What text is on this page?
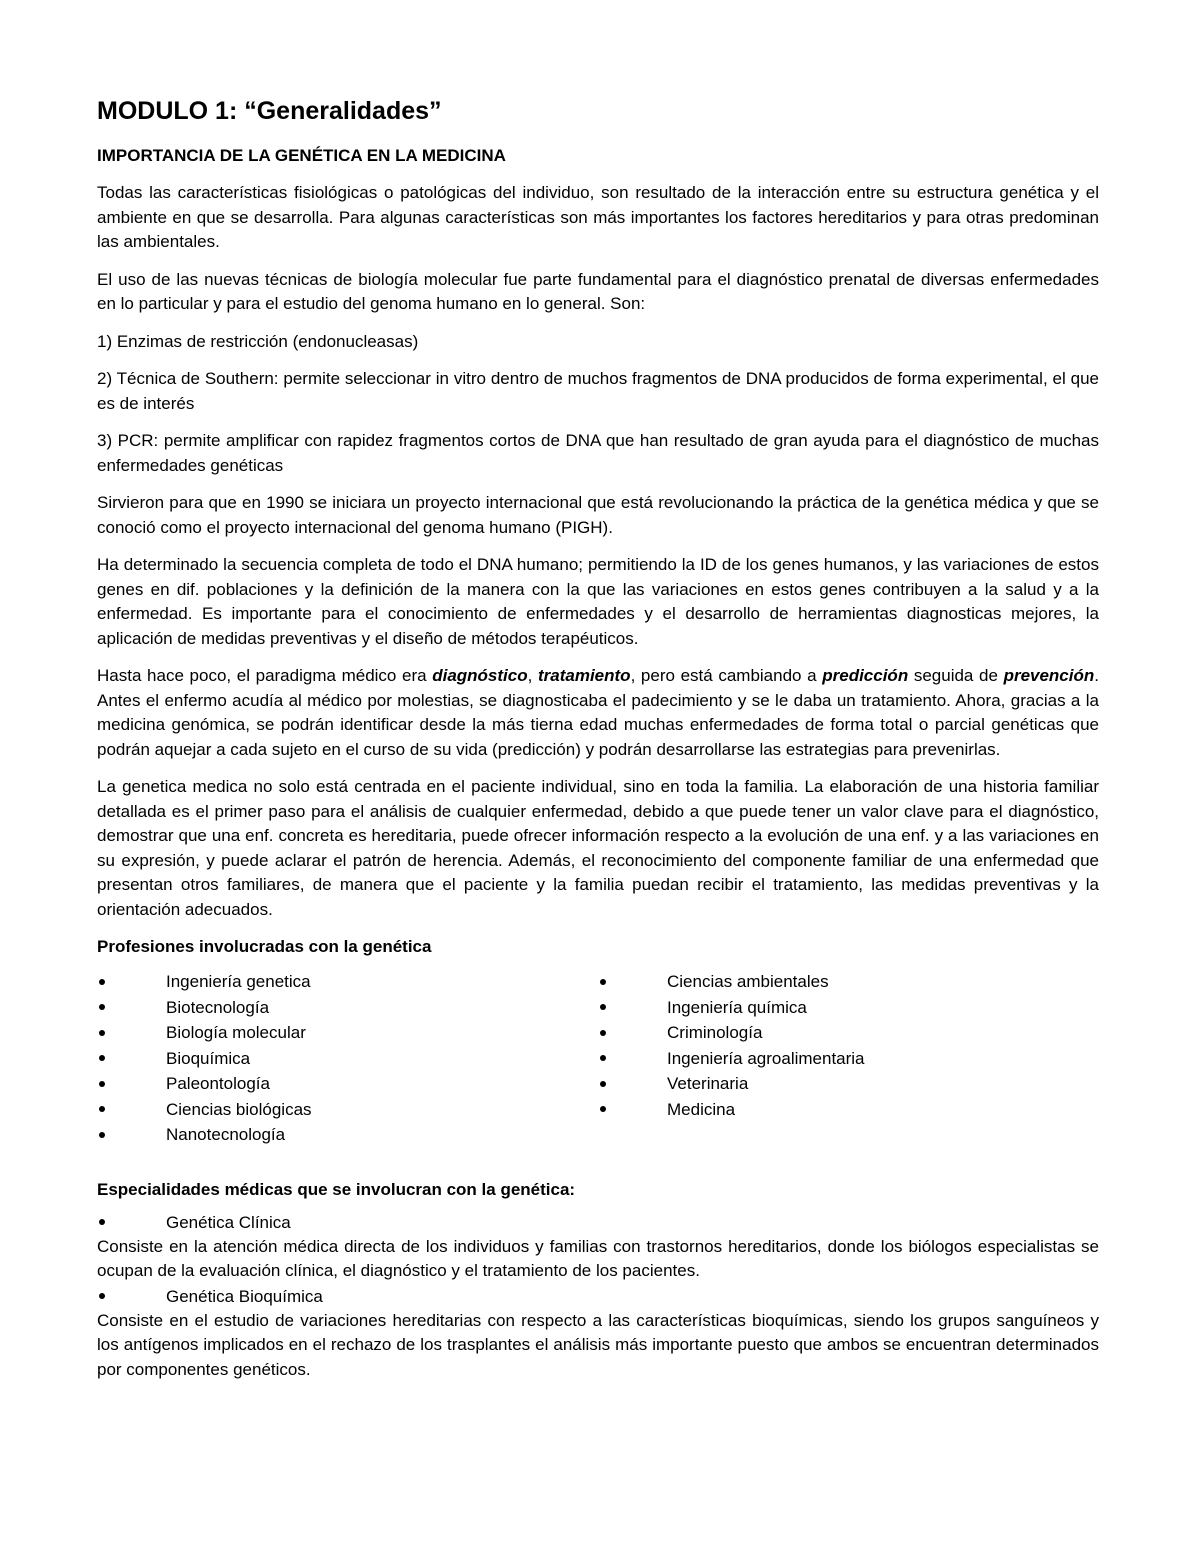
MODULO 1: “Generalidades”
IMPORTANCIA DE LA GENÉTICA EN LA MEDICINA

Todas las características fisiológicas o patológicas del individuo, son resultado de la interacción entre su estructura genética y el ambiente en que se desarrolla. Para algunas características son más importantes los factores hereditarios y para otras predominan las ambientales.

El uso de las nuevas técnicas de biología molecular fue parte fundamental para el diagnóstico prenatal de diversas enfermedades en lo particular y para el estudio del genoma humano en lo general. Son:

1) Enzimas de restricción (endonucleasas)

2) Técnica de Southern: permite seleccionar in vitro dentro de muchos fragmentos de DNA producidos de forma experimental, el que es de interés

3) PCR: permite amplificar con rapidez fragmentos cortos de DNA que han resultado de gran ayuda para el diagnóstico de muchas enfermedades genéticas

Sirvieron para que en 1990 se iniciara un proyecto internacional que está revolucionando la práctica de la genética médica y que se conoció como el proyecto internacional del genoma humano (PIGH).

Ha determinado la secuencia completa de todo el DNA humano; permitiendo la ID de los genes humanos, y las variaciones de estos genes en dif. poblaciones y la definición de la manera con la que las variaciones en estos genes contribuyen a la salud y a la enfermedad. Es importante para el conocimiento de enfermedades y el desarrollo de herramientas diagnosticas mejores, la aplicación de medidas preventivas y el diseño de métodos terapéuticos.

Hasta hace poco, el paradigma médico era diagnóstico, tratamiento, pero está cambiando a predicción seguida de prevención. Antes el enfermo acudía al médico por molestias, se diagnosticaba el padecimiento y se le daba un tratamiento. Ahora, gracias a la medicina genómica, se podrán identificar desde la más tierna edad muchas enfermedades de forma total o parcial genéticas que podrán aquejar a cada sujeto en el curso de su vida (predicción) y podrán desarrollarse las estrategias para prevenirlas.

La genetica medica no solo está centrada en el paciente individual, sino en toda la familia. La elaboración de una historia familiar detallada es el primer paso para el análisis de cualquier enfermedad, debido a que puede tener un valor clave para el diagnóstico, demostrar que una enf. concreta es hereditaria, puede ofrecer información respecto a la evolución de una enf. y a las variaciones en su expresión, y puede aclarar el patrón de herencia. Además, el reconocimiento del componente familiar de una enfermedad que presentan otros familiares, de manera que el paciente y la familia puedan recibir el tratamiento, las medidas preventivas y la orientación adecuados.

Profesiones involucradas con la genética
Ingeniería genetica
Biotecnología
Biología molecular
Bioquímica
Paleontología
Ciencias biológicas
Nanotecnología
Ciencias ambientales
Ingeniería química
Criminología
Ingeniería agroalimentaria
Veterinaria
Medicina
Especialidades médicas que se involucran con la genética:
Genética Clínica

Consiste en la atención médica directa de los individuos y familias con trastornos hereditarios, donde los biólogos especialistas se ocupan de la evaluación clínica, el diagnóstico y el tratamiento de los pacientes.

Genética Bioquímica

Consiste en el estudio de variaciones hereditarias con respecto a las características bioquímicas, siendo los grupos sanguíneos y los antígenos implicados en el rechazo de los trasplantes el análisis más importante puesto que ambos se encuentran determinados por componentes genéticos.
